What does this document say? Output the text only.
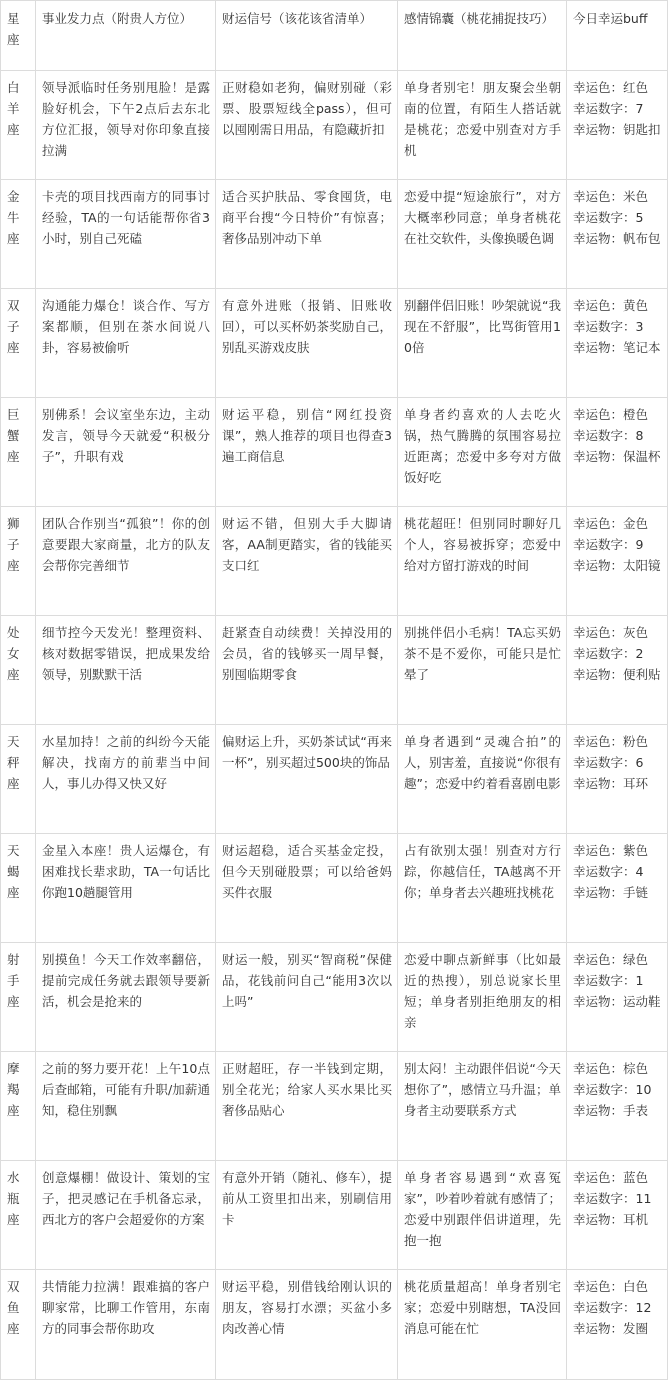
星座	事业发力点（附贵人方位）	财运信号（该花该省清单）	感情锦囊（桃花捕捉技巧）	今日幸运buff
白羊座	领导派临时任务别甩脸！是露脸好机会，下午2点后去东北方位汇报，领导对你印象直接拉满	正财稳如老狗，偏财别碰（彩票、股票短线全pass），但可以囤刚需日用品，有隐藏折扣	单身者别宅！朋友聚会坐朝南的位置，有陌生人搭话就是桃花；恋爱中别查对方手机	幸运色：红色
幸运数字：7
幸运物：钥匙扣

金牛座	卡壳的项目找西南方的同事讨经验，TA的一句话能帮你省3小时，别自己死磕	适合买护肤品、零食囤货，电商平台搜“今日特价”有惊喜；奢侈品别冲动下单	恋爱中提“短途旅行”，对方大概率秒同意；单身者桃花在社交软件，头像换暖色调	幸运色：米色
幸运数字：5
幸运物：帆布包

双子座	沟通能力爆仓！谈合作、写方案都顺，但别在茶水间说八卦，容易被偷听	有意外进账（报销、旧账收回），可以买杯奶茶奖励自己，别乱买游戏皮肤	别翻伴侣旧账！吵架就说“我现在不舒服”，比骂街管用10倍	幸运色：黄色
幸运数字：3
幸运物：笔记本

巨蟹座	别佛系！会议室坐东边，主动发言，领导今天就爱“积极分子”，升职有戏	财运平稳，别信“网红投资课”，熟人推荐的项目也得查3遍工商信息	单身者约喜欢的人去吃火锅，热气腾腾的氛围容易拉近距离；恋爱中多夸对方做饭好吃	幸运色：橙色
幸运数字：8
幸运物：保温杯

狮子座	团队合作别当“孤狼”！你的创意要跟大家商量，北方的队友会帮你完善细节	财运不错，但别大手大脚请客，AA制更踏实，省的钱能买支口红	桃花超旺！但别同时聊好几个人，容易被拆穿；恋爱中给对方留打游戏的时间	幸运色：金色
幸运数字：9
幸运物：太阳镜

处女座	细节控今天发光！整理资料、核对数据零错误，把成果发给领导，别默默干活	赶紧查自动续费！关掉没用的会员，省的钱够买一周早餐，别囤临期零食	别挑伴侣小毛病！TA忘买奶茶不是不爱你，可能只是忙晕了	幸运色：灰色
幸运数字：2
幸运物：便利贴

天秤座	水星加持！之前的纠纷今天能解决，找南方的前辈当中间人，事儿办得又快又好	偏财运上升，买奶茶试试“再来一杯”，别买超过500块的饰品	单身者遇到“灵魂合拍”的人，别害羞，直接说“你很有趣”；恋爱中约着看喜剧电影	幸运色：粉色
幸运数字：6
幸运物：耳环

天蝎座	金星入本座！贵人运爆仓，有困难找长辈求助，TA一句话比你跑10趟腿管用	财运超稳，适合买基金定投，但今天别碰股票；可以给爸妈买件衣服	占有欲别太强！别查对方行踪，你越信任，TA越离不开你；单身者去兴趣班找桃花	幸运色：紫色
幸运数字：4
幸运物：手链

射手座	别摸鱼！今天工作效率翻倍，提前完成任务就去跟领导要新活，机会是抢来的	财运一般，别买“智商税”保健品，花钱前问自己“能用3次以上吗”	恋爱中聊点新鲜事（比如最近的热搜），别总说家长里短；单身者别拒绝朋友的相亲	幸运色：绿色
幸运数字：1
幸运物：运动鞋

摩羯座	之前的努力要开花！上午10点后查邮箱，可能有升职/加薪通知，稳住别飘	正财超旺，存一半钱到定期，别全花光；给家人买水果比买奢侈品贴心	别太闷！主动跟伴侣说“今天想你了”，感情立马升温；单身者主动要联系方式	幸运色：棕色
幸运数字：10
幸运物：手表

水瓶座	创意爆棚！做设计、策划的宝子，把灵感记在手机备忘录，西北方的客户会超爱你的方案	有意外开销（随礼、修车），提前从工资里扣出来，别刷信用卡	单身者容易遇到“欢喜冤家”，吵着吵着就有感情了；恋爱中别跟伴侣讲道理，先抱一抱	幸运色：蓝色
幸运数字：11
幸运物：耳机

双鱼座	共情能力拉满！跟难搞的客户聊家常，比聊工作管用，东南方的同事会帮你助攻	财运平稳，别借钱给刚认识的朋友，容易打水漂；买盆小多肉改善心情	桃花质量超高！单身者别宅家；恋爱中别瞎想，TA没回消息可能在忙	幸运色：白色
幸运数字：12
幸运物：发圈
